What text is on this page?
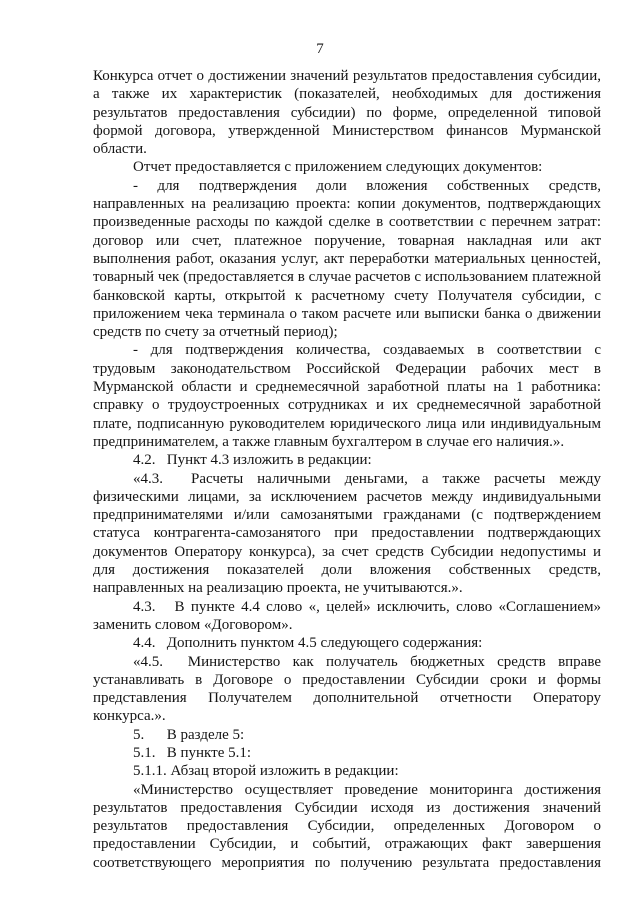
7

Конкурса отчет о достижении значений результатов предоставления субсидии, а также их характеристик (показателей, необходимых для достижения результатов предоставления субсидии) по форме, определенной типовой формой договора, утвержденной Министерством финансов Мурманской области.

Отчет предоставляется с приложением следующих документов:

- для подтверждения доли вложения собственных средств, направленных на реализацию проекта: копии документов, подтверждающих произведенные расходы по каждой сделке в соответствии с перечнем затрат: договор или счет, платежное поручение, товарная накладная или акт выполнения работ, оказания услуг, акт переработки материальных ценностей, товарный чек (предоставляется в случае расчетов с использованием платежной банковской карты, открытой к расчетному счету Получателя субсидии, с приложением чека терминала о таком расчете или выписки банка о движении средств по счету за отчетный период);

- для подтверждения количества, создаваемых в соответствии с трудовым законодательством Российской Федерации рабочих мест в Мурманской области и среднемесячной заработной платы на 1 работника: справку о трудоустроенных сотрудниках и их среднемесячной заработной плате, подписанную руководителем юридического лица или индивидуальным предпринимателем, а также главным бухгалтером в случае его наличия.».

4.2.   Пункт 4.3 изложить в редакции:

«4.3.  Расчеты наличными деньгами, а также расчеты между физическими лицами, за исключением расчетов между индивидуальными предпринимателями и/или самозанятыми гражданами (с подтверждением статуса контрагента-самозанятого при предоставлении подтверждающих документов Оператору конкурса), за счет средств Субсидии недопустимы и для достижения показателей доли вложения собственных средств, направленных на реализацию проекта, не учитываются.».

4.3.   В пункте 4.4 слово «, целей» исключить, слово «Соглашением» заменить словом «Договором».

4.4.   Дополнить пунктом 4.5 следующего содержания:

«4.5.  Министерство как получатель бюджетных средств вправе устанавливать в Договоре о предоставлении Субсидии сроки и формы представления Получателем дополнительной отчетности Оператору конкурса.».

5.      В разделе 5:

5.1.   В пункте 5.1:

5.1.1. Абзац второй изложить в редакции:

«Министерство осуществляет проведение мониторинга достижения результатов предоставления Субсидии исходя из достижения значений результатов предоставления Субсидии, определенных Договором о предоставлении Субсидии, и событий, отражающих факт завершения соответствующего мероприятия по получению результата предоставления
